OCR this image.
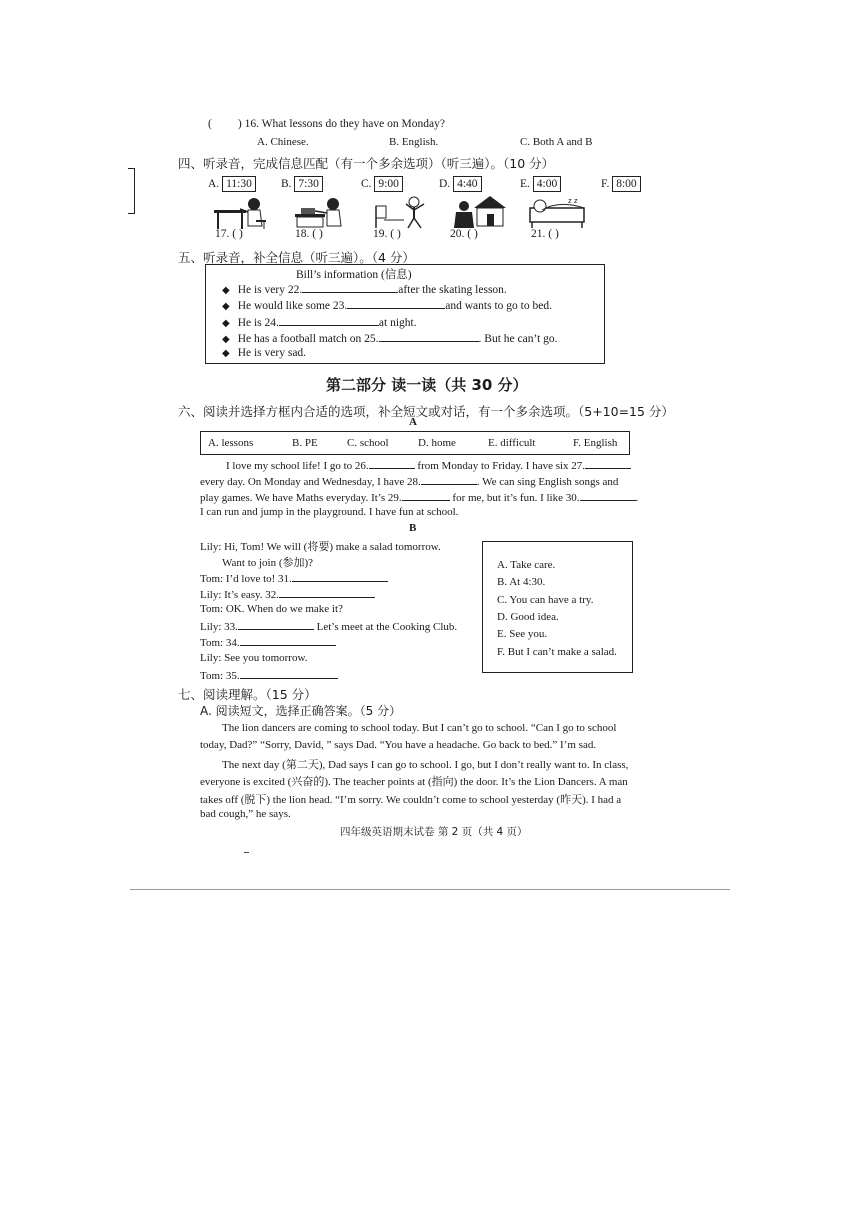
( ) 16. What lessons do they have on Monday?
A. Chinese.	B. English.	C. Both A and B
四、听录音，完成信息匹配（有一个多余选项）（听三遍）。（10 分）
A. 11:30	B. 7:30	C. 9:00	D. 4:40	E. 4:00	F. 8:00
z z
17. ( )	18. ( )	19. ( )	20. ( )	21. ( )
五、听录音，补全信息（听三遍）。（4 分）
Bill’s information (信息)
◆ He is very 22.	after the skating lesson.
◆ He would like some 23.	and wants to go to bed.
◆ He is 24.	at night.
◆ He has a football match on 25.	. But he can’t go.
◆ He is very sad.
第二部分 读一读（共 30 分）
六、阅读并选择方框内合适的选项，补全短文或对话，有一个多余选项。（5+10=15 分）
A
A. lessons	B. PE	C. school	D. home	E. difficult	F. English
I love my school life! I go to 26.	from Monday to Friday. I have six 27.
every day. On Monday and Wednesday, I have 28.	. We can sing English songs and
play games. We have Maths everyday. It’s 29.	for me, but it’s fun. I like 30.	.
I can run and jump in the playground. I have fun at school.
B
Lily: Hi, Tom! We will (将要) make a salad tomorrow.
Want to join (参加)?
Tom: I’d love to! 31.
Lily: It’s easy. 32.
Tom: OK. When do we make it?
Lily: 33.	Let’s meet at the Cooking Club.
Tom: 34.
Lily: See you tomorrow.
Tom: 35.
A. Take care.
B. At 4:30.
C. You can have a try.
D. Good idea.
E. See you.
F. But I can’t make a salad.
七、阅读理解。（15 分）
A. 阅读短文，选择正确答案。（5 分）
The lion dancers are coming to school today. But I can’t go to school. “Can I go to school
today, Dad?” “Sorry, David, ” says Dad. “You have a headache. Go back to bed.” I’m sad.
The next day (第二天), Dad says I can go to school. I go, but I don’t really want to. In class,
everyone is excited (兴奋的). The teacher points at (指向) the door. It’s the Lion Dancers. A man
takes off (脱下) the lion head. “I’m sorry. We couldn’t come to school yesterday (昨天). I had a
bad cough,” he says.
四年级英语期末试卷 第 2 页（共 4 页）
